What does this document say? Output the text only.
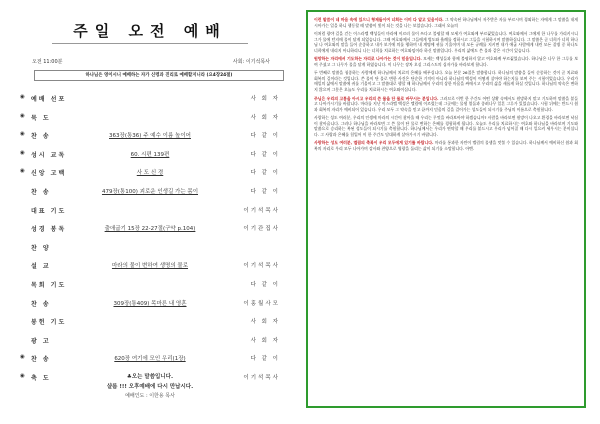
주일 오전 예배
오전 11:00분	사회: 이기석목사
하나님은 영이시니 예배하는 자가 신령과 진리로 예배할지니라 (요4장24절)
◉	예배 선포	사 회 자
◉	묵 도	사 회 자
◉	찬 송	363장(통36) 주 예수 이름 높이어	다 같 이
◉	성시 교독	60. 시편 139편	다 같 이
◉	신앙 고백	사 도 신 경	다 같 이
찬 송	479장(통100) 괴로운 인생길 가는 몸이	다 같 이
대표 기도	이기석목사
성경 봉독	출애굽기 15장 22-27절(구약 p.104)	이기관집사
찬 양
설 교	마라의 물이 변하여 생명의 물로	이기석목사
목회 기도	다 같 이
찬 송	309장(통409) 목마른 내 영혼	이홍월사모
봉헌 기도	사 회 자
광 고	사 회 자
◉	찬 송	620장 여기에 모인 우리(1장)	다 같 이
◉	축 도	이기석목사
♣오는 말씀입니다.
샬롬 !!! 오후예배에 다시 만납시다.
예배인도 : 이한용 목사

이런 말씀이 네 마음 속에 있으니 형제들이여 너희는 이미 다 알고 있음이라. 그 약속된 하나님께서 저주받은 자를 부르시며 경외하는 자에게 그 말씀을 내게 시아가는 일을 하니 행동할 때 말씀이 빛이 되는 것을 나는 보았습니다. 그래서 오늘의

이처럼 광야 길을 걷는 이스라엘 백성들이 마라에 이르러 물이 쓰다고 불평할 때 모세가 여호와께 부르짖었습니다. 여호와께서 그에게 한 나무를 가리키시니 그가 물에 던지매 물이 달게 되었습니다. 그때 여호와께서 그들에게 법도와 율례를 정하시고 그들을 시험하시며 말씀하십니다. 그 말씀은 곧 너희가 너희 하나님 나 여호와의 말을 들어 순종하고 내가 보기에 의를 행하며 내 계명에 귀를 기울이며 내 모든 규례를 지키면 내가 애굽 사람에게 내린 모든 질병 중 하나도 너희에게 내리지 아니하리니 나는 너희를 치료하는 여호와임이라 하신 말씀입니다. 우리의 삶에도 쓴 물과 같은 시간이 있습니다.

원망하는 자리에서 기도하는 자리로 나아가는 것이 믿음입니다. 모세는 백성들과 함께 불평하지 않고 여호와께 부르짖었습니다. 하나님은 나무 한 그루를 보여 주셨고 그 나무가 물을 달게 하였습니다. 이 나무는 장차 오실 그리스도의 십자가를 바라보게 합니다.

두 번째로 말씀을 청종하는 사람에게 하나님께서 치료의 은혜를 베푸십니다. 오늘 본문 26절은 말씀합니다. 하나님의 말씀을 들어 순종하는 것이 곧 치료와 회복의 길이라는 것입니다. 쓴 물이 단 물로 변한 사건은 단순한 기적이 아니라 하나님의 백성이 어떻게 살아야 하는지를 보여 주는 시험이었습니다. 우리가 매일의 삶에서 말씀에 귀를 기울이고 그 말씀대로 행할 때 하나님께서 우리의 상한 마음을 싸매시고 우리의 삶을 새롭게 하실 것입니다. 하나님의 약속은 변하지 않으며 그분은 오늘도 우리를 치료하시는 여호와이십니다.

주님은 우리의 고통을 아시고 우리의 쓴 물을 단 물로 바꾸시는 분입니다. 그러므로 이번 한 주간도 어떤 상황 속에서도 원망하지 말고 기도하며 말씀을 붙들고 나아가시기를 바랍니다. 마라를 지난 이스라엘 백성은 엘림에 이르렀는데 그곳에는 물샘 열둘과 종려나무 일흔 그루가 있었습니다. 시험 뒤에는 반드시 쉼과 회복의 자리가 예비되어 있습니다. 우리 모두 그 약속을 믿고 끝까지 믿음의 길을 걸어가는 성도들이 되시기를 주님의 이름으로 축원합니다.

사랑하는 성도 여러분, 우리의 인생에 마라의 시간이 찾아올 때 우리는 무엇을 바라보아야 하겠습니까? 사람을 바라보면 원망이 나오고 환경을 바라보면 낙심이 찾아옵니다. 그러나 하나님을 바라보면 그 쓴 물이 단 물로 변하는 은혜를 경험하게 됩니다. 오늘도 우리를 치료하시는 여호와 하나님을 바라보며 기도와 말씀으로 승리하는 복된 성도들이 되시기를 축원합니다. 하나님께서는 우리가 연약할 때 우리를 붙드시고 우리가 넘어질 때 다시 일으켜 세우시는 분이십니다. 그 사랑과 은혜를 힘입어 이 한 주간도 담대하게 살아가시기 바랍니다.

사랑하는 성도 여러분, 엘림의 축복이 우리 모두에게 있기를 바랍니다. 마라를 통과한 자만이 엘림의 물샘을 맛볼 수 있습니다. 하나님께서 예비하신 쉼과 회복의 자리로 우리 모두 나아가며 감사와 찬양으로 영광을 돌리는 삶이 되기를 소망합니다. 아멘.
